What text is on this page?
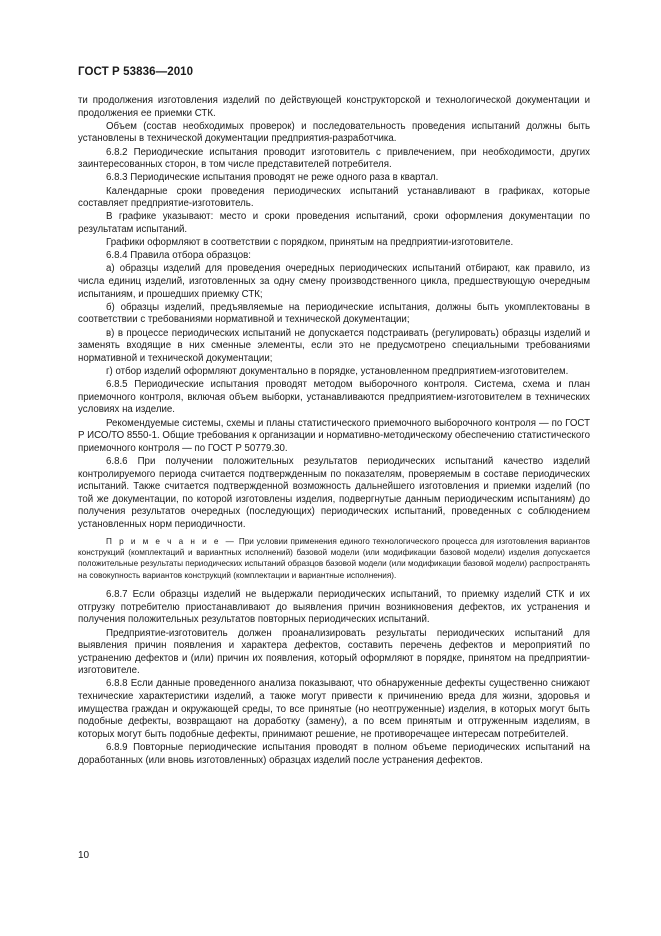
ГОСТ Р 53836—2010

ти продолжения изготовления изделий по действующей конструкторской и технологической документации и продолжения ее приемки СТК.

Объем (состав необходимых проверок) и последовательность проведения испытаний должны быть установлены в технической документации предприятия-разработчика.

6.8.2 Периодические испытания проводит изготовитель с привлечением, при необходимости, других заинтересованных сторон, в том числе представителей потребителя.

6.8.3 Периодические испытания проводят не реже одного раза в квартал.

Календарные сроки проведения периодических испытаний устанавливают в графиках, которые составляет предприятие-изготовитель.

В графике указывают: место и сроки проведения испытаний, сроки оформления документации по результатам испытаний.

Графики оформляют в соответствии с порядком, принятым на предприятии-изготовителе.

6.8.4 Правила отбора образцов:

а) образцы изделий для проведения очередных периодических испытаний отбирают, как правило, из числа единиц изделий, изготовленных за одну смену производственного цикла, предшествующую очередным испытаниям, и прошедших приемку СТК;

б) образцы изделий, предъявляемые на периодические испытания, должны быть укомплектованы в соответствии с требованиями нормативной и технической документации;

в) в процессе периодических испытаний не допускается подстраивать (регулировать) образцы изделий и заменять входящие в них сменные элементы, если это не предусмотрено специальными требованиями нормативной и технической документации;

г) отбор изделий оформляют документально в порядке, установленном предприятием-изготовителем.

6.8.5 Периодические испытания проводят методом выборочного контроля. Система, схема и план приемочного контроля, включая объем выборки, устанавливаются предприятием-изготовителем в технических условиях на изделие.

Рекомендуемые системы, схемы и планы статистического приемочного выборочного контроля — по ГОСТ Р ИСО/ТО 8550-1. Общие требования к организации и нормативно-методическому обеспечению статистического приемочного контроля — по ГОСТ Р 50779.30.

6.8.6 При получении положительных результатов периодических испытаний качество изделий контролируемого периода считается подтвержденным по показателям, проверяемым в составе периодических испытаний. Также считается подтвержденной возможность дальнейшего изготовления и приемки изделий (по той же документации, по которой изготовлены изделия, подвергнутые данным периодическим испытаниям) до получения результатов очередных (последующих) периодических испытаний, проведенных с соблюдением установленных норм периодичности.

П р и м е ч а н и е — При условии применения единого технологического процесса для изготовления вариантов конструкций (комплектаций и вариантных исполнений) базовой модели (или модификации базовой модели) изделия допускается положительные результаты периодических испытаний образцов базовой модели (или модификации базовой модели) распространять на совокупность вариантов конструкций (комплектации и вариантные исполнения).

6.8.7 Если образцы изделий не выдержали периодических испытаний, то приемку изделий СТК и их отгрузку потребителю приостанавливают до выявления причин возникновения дефектов, их устранения и получения положительных результатов повторных периодических испытаний.

Предприятие-изготовитель должен проанализировать результаты периодических испытаний для выявления причин появления и характера дефектов, составить перечень дефектов и мероприятий по устранению дефектов и (или) причин их появления, который оформляют в порядке, принятом на предприятии-изготовителе.

6.8.8 Если данные проведенного анализа показывают, что обнаруженные дефекты существенно снижают технические характеристики изделий, а также могут привести к причинению вреда для жизни, здоровья и имущества граждан и окружающей среды, то все принятые (но неотгруженные) изделия, в которых могут быть подобные дефекты, возвращают на доработку (замену), а по всем принятым и отгруженным изделиям, в которых могут быть подобные дефекты, принимают решение, не противоречащее интересам потребителей.

6.8.9 Повторные периодические испытания проводят в полном объеме периодических испытаний на доработанных (или вновь изготовленных) образцах изделий после устранения дефектов.

10
